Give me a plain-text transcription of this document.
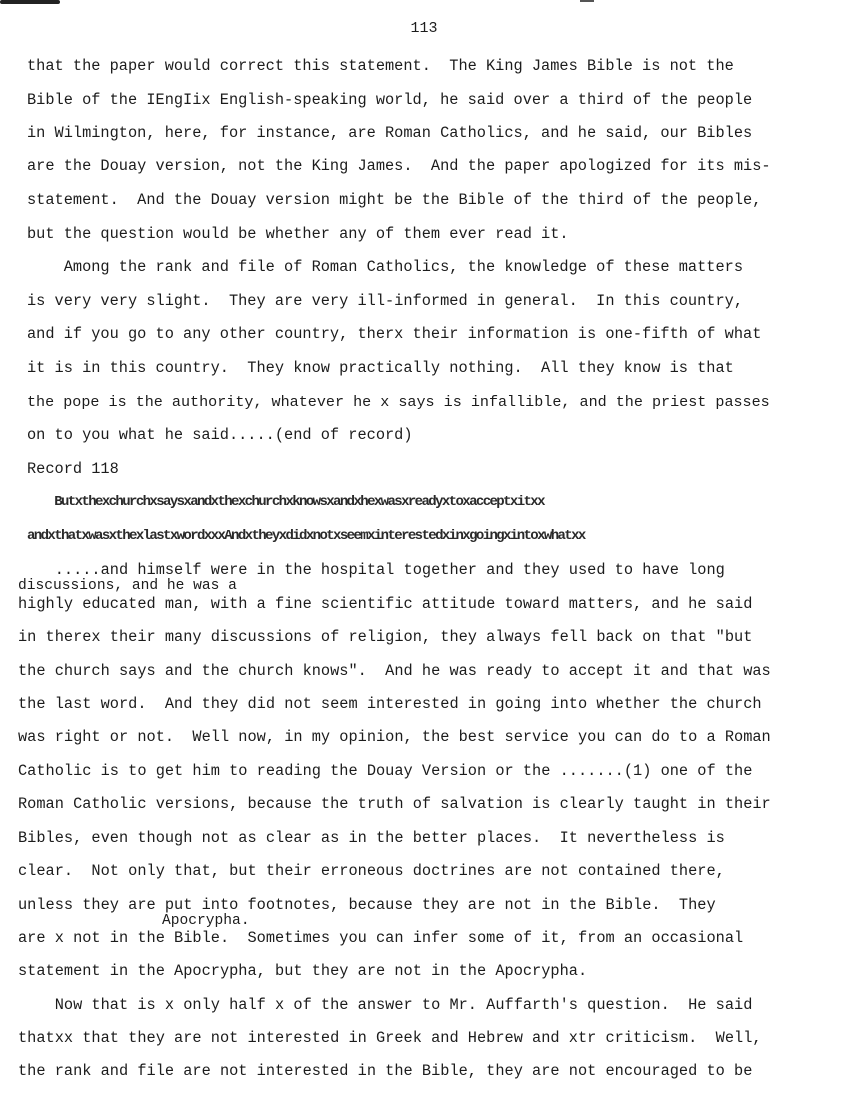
113
that the paper would correct this statement.  The King James Bible is not the
Bible of the IEngIix English-speaking world, he said over a third of the people
in Wilmington, here, for instance, are Roman Catholics, and he said, our Bibles
are the Douay version, not the King James.  And the paper apologized for its mis-
statement.  And the Douay version might be the Bible of the third of the people,
but the question would be whether any of them ever read it.
Among the rank and file of Roman Catholics, the knowledge of these matters
is very very slight.  They are very ill-informed in general.  In this country,
and if you go to any other country, therx their information is one-fifth of what
it is in this country.  They know practically nothing.  All they know is that
the pope is the authority, whatever he x says is infallible, and the priest passes
on to you what he said.....(end of record)
Record 118
Butxthexchurchxsaysxandxthexchurchxknowsxandxhexwasxreadyxtoxacceptxitxx
andxthatxwasxthexlastxwordxxxAndxtheyxdidxnotxseemxinterestedxinxgoingxintoxwhatxx
.....and himself were in the hospital together and they used to have long
discussions, and he was a
highly educated man, with a fine scientific attitude toward matters, and he said
in therex their many discussions of religion, they always fell back on that "but
the church says and the church knows".  And he was ready to accept it and that was
the last word.  And they did not seem interested in going into whether the church
was right or not.  Well now, in my opinion, the best service you can do to a Roman
Catholic is to get him to reading the Douay Version or the .......(1) one of the
Roman Catholic versions, because the truth of salvation is clearly taught in their
Bibles, even though not as clear as in the better places.  It nevertheless is
clear.  Not only that, but their erroneous doctrines are not contained there,
unless they are put into footnotes, because they are not in the Bible.  They
Apocrypha.
are x not in the Bible.  Sometimes you can infer some of it, from an occasional
statement in the Apocrypha, but they are not in the Apocrypha.
Now that is x only half x of the answer to Mr. Auffarth's question.  He said
thatxx that they are not interested in Greek and Hebrew and xtr criticism.  Well,
the rank and file are not interested in the Bible, they are not encouraged to be
